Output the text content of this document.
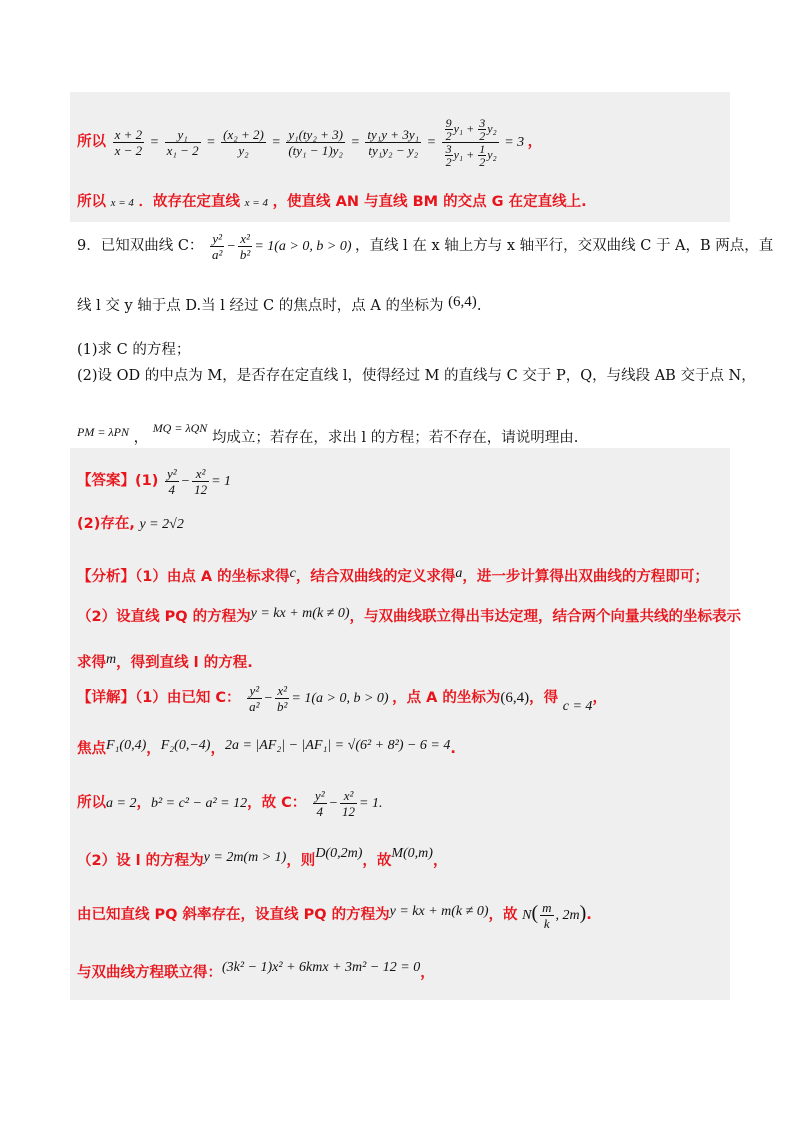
所以 $\frac{x + 2}{x - 2} = \frac{\text{y₁}}{\text{x₁ − 2}} = \frac{\text{(x₂ + 2)}}{\text{y₂}} = \frac{\text{y₁(ty₂ + 3)}}{\text{(ty₁ − 1)y₂}} = \frac{\text{ty₁y + 3y₁}}{\text{ty₁y₂ − y₂}} = \frac{\frac{9}{2} y_1 + \frac{3}{2} y_2}{\frac{3}{2} y_1 + \frac{1}{2} y_2} = 3$ ，
所以 x = 4 ．故存在定直线 x = 4 ，使直线 AN 与直线 BM 的交点 G 在定直线上.
9．已知双曲线 C： $\frac{\text{y²}}{\text{a²}} - \frac{\text{x²}}{\text{b²}} = 1(a > 0$, b > 0) ，直线 l 在 x 轴上方与 x 轴平行，交双曲线 C 于 A，B 两点，直
线 l 交 y 轴于点 D.当 l 经过 C 的焦点时，点 A 的坐标为 (6,4).
(1)求 C 的方程；
(2)设 OD 的中点为 M，是否存在定直线 l，使得经过 M 的直线与 C 交于 P，Q，与线段 AB 交于点 N，
$^{PM = \lambda PN}$ ， $^{MQ = \lambda QN}$ 均成立；若存在，求出 l 的方程；若不存在，请说明理由.
【答案】$(1) \frac{\text{y²}}{4} - \frac{\text{x²}}{12} = 1$
(2)存在, y = 2√2
【分析】（1）由点 A 的坐标求得c，结合双曲线的定义求得a，进一步计算得出双曲线的方程即可；
（2）设直线 PQ 的方程为y = kx + m(k ≠ 0)，与双曲线联立得出韦达定理，结合两个向量共线的坐标表示
求得m，得到直线 l 的方程.
【详解】（1）由已知 C： $\frac{\text{y²}}{\text{a²}} - \frac{\text{x²}}{\text{b²}} = 1(a > 0$, b > 0) ，点 A 的坐标为(6,4)，得 c = 4，
焦点F₁(0,4)，F₂(0,−4)，2a = |AF₂| − |AF₁| = √(6² + 8²) − 6 = 4.
所以a = 2，b² = c² − a² = 12，故 C： $\frac{\text{y²}}{4} - \frac{\text{x²}}{12} = 1$.
（2）设 l 的方程为y = 2m(m > 1)，则D(0,2m)，故M(0,m)，
由已知直线 PQ 斜率存在，设直线 PQ 的方程为y = kx + m(k ≠ 0)，故 $N( \frac{m}{k}$ , 2m).
与双曲线方程联立得：(3k² − 1)x² + 6kmx + 3m² − 12 = 0，
